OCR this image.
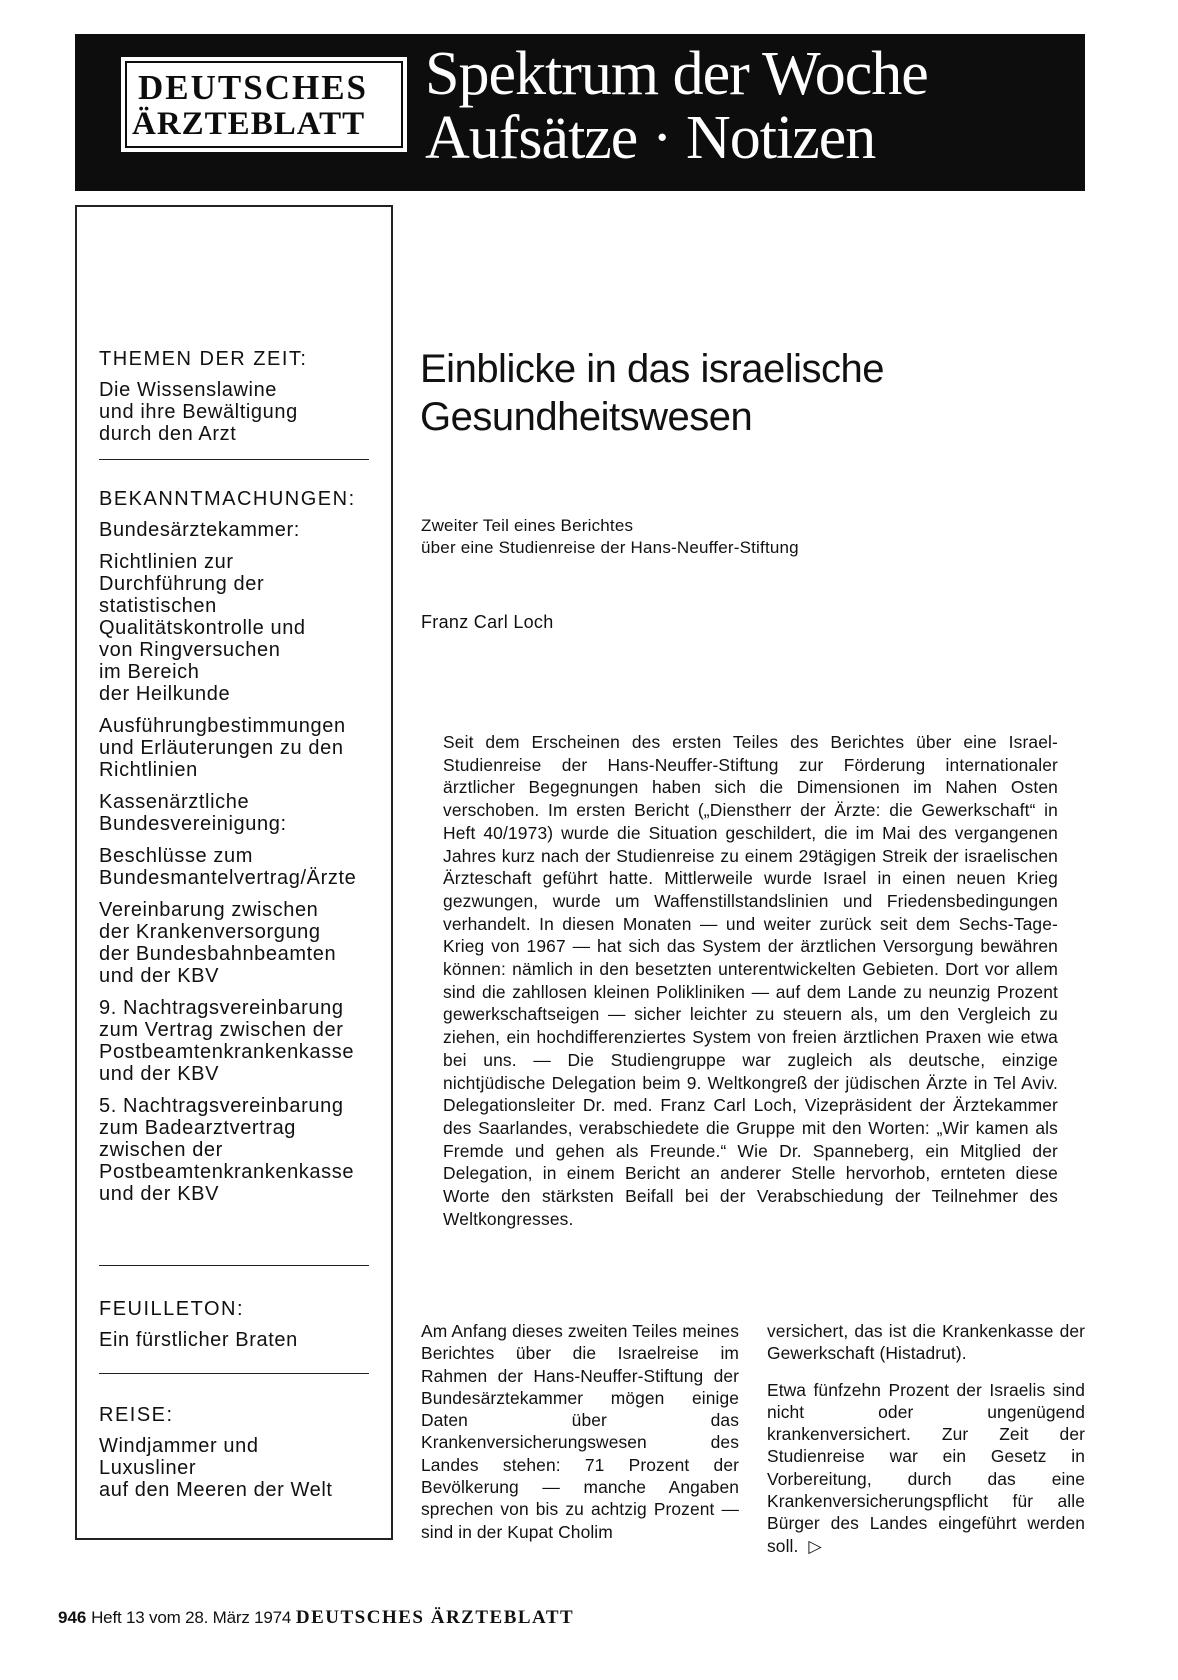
DEUTSCHES
ÄRZTEBLATT
Spektrum der Woche
Aufsätze · Notizen
THEMEN DER ZEIT:
Die Wissenslawine
und ihre Bewältigung
durch den Arzt
BEKANNTMACHUNGEN:
Bundesärztekammer:
Richtlinien zur
Durchführung der
statistischen
Qualitätskontrolle und
von Ringversuchen
im Bereich
der Heilkunde
Ausführungbestimmungen
und Erläuterungen zu den
Richtlinien
Kassenärztliche
Bundesvereinigung:
Beschlüsse zum
Bundesmantelvertrag/Ärzte
Vereinbarung zwischen
der Krankenversorgung
der Bundesbahnbeamten
und der KBV
9. Nachtragsvereinbarung
zum Vertrag zwischen der
Postbeamtenkrankenkasse
und der KBV
5. Nachtragsvereinbarung
zum Badearztvertrag
zwischen der
Postbeamtenkrankenkasse
und der KBV
FEUILLETON:
Ein fürstlicher Braten
REISE:
Windjammer und
Luxusliner
auf den Meeren der Welt
Einblicke in das israelische
Gesundheitswesen
Zweiter Teil eines Berichtes
über eine Studienreise der Hans-Neuffer-Stiftung
Franz Carl Loch
Seit dem Erscheinen des ersten Teiles des Berichtes über eine Israel-Studienreise der Hans-Neuffer-Stiftung zur Förderung internationaler ärztlicher Begegnungen haben sich die Dimensionen im Nahen Osten verschoben. Im ersten Bericht („Dienstherr der Ärzte: die Gewerkschaft“ in Heft 40/1973) wurde die Situation geschildert, die im Mai des vergangenen Jahres kurz nach der Studienreise zu einem 29tägigen Streik der israelischen Ärzteschaft geführt hatte. Mittlerweile wurde Israel in einen neuen Krieg gezwungen, wurde um Waffenstillstandslinien und Friedensbedingungen verhandelt. In diesen Monaten — und weiter zurück seit dem Sechs-Tage-Krieg von 1967 — hat sich das System der ärztlichen Versorgung bewähren können: nämlich in den besetzten unterentwickelten Gebieten. Dort vor allem sind die zahllosen kleinen Polikliniken — auf dem Lande zu neunzig Prozent gewerkschaftseigen — sicher leichter zu steuern als, um den Vergleich zu ziehen, ein hochdifferenziertes System von freien ärztlichen Praxen wie etwa bei uns. — Die Studiengruppe war zugleich als deutsche, einzige nichtjüdische Delegation beim 9. Weltkongreß der jüdischen Ärzte in Tel Aviv. Delegationsleiter Dr. med. Franz Carl Loch, Vizepräsident der Ärztekammer des Saarlandes, verabschiedete die Gruppe mit den Worten: „Wir kamen als Fremde und gehen als Freunde.“ Wie Dr. Spanneberg, ein Mitglied der Delegation, in einem Bericht an anderer Stelle hervorhob, ernteten diese Worte den stärksten Beifall bei der Verabschiedung der Teilnehmer des Weltkongresses.

Am Anfang dieses zweiten Teiles meines Berichtes über die Israelreise im Rahmen der Hans-Neuffer-Stiftung der Bundesärztekammer mögen einige Daten über das Krankenversicherungswesen des Landes stehen: 71 Prozent der Bevölkerung — manche Angaben sprechen von bis zu achtzig Prozent — sind in der Kupat Cholim

versichert, das ist die Krankenkasse der Gewerkschaft (Histadrut).

Etwa fünfzehn Prozent der Israelis sind nicht oder ungenügend krankenversichert. Zur Zeit der Studienreise war ein Gesetz in Vorbereitung, durch das eine Krankenversicherungspflicht für alle Bürger des Landes eingeführt werden soll. ▷

946 Heft 13 vom 28. März 1974 DEUTSCHES ÄRZTEBLATT
